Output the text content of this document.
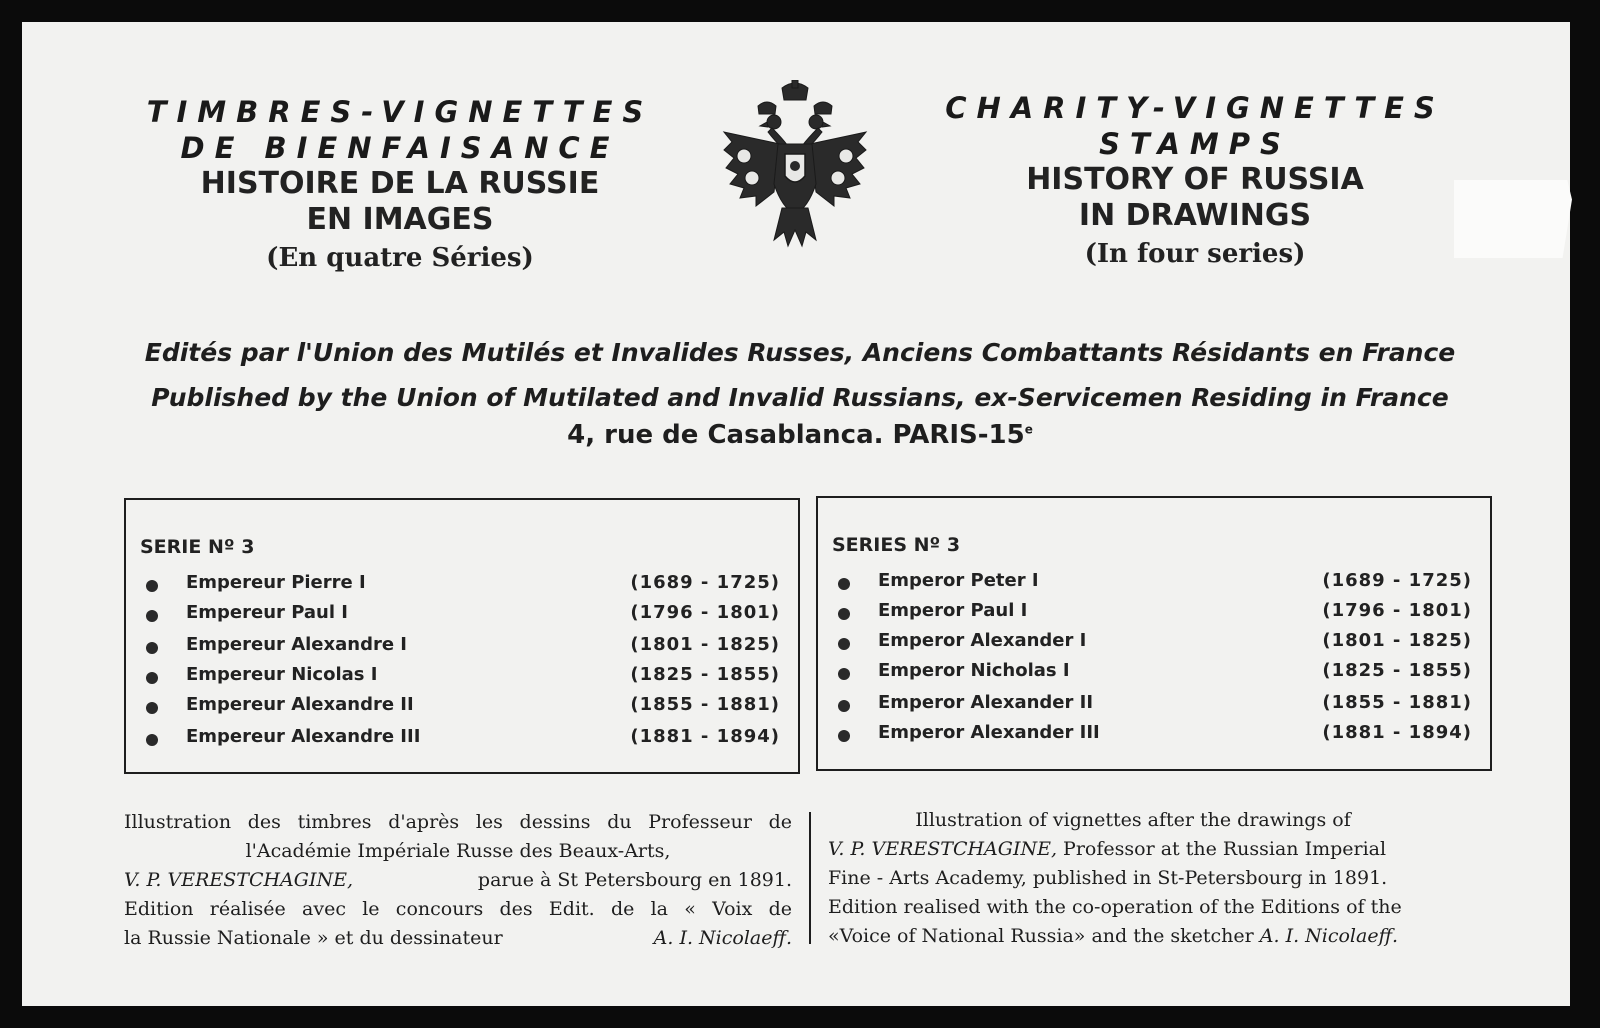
TIMBRES-VIGNETTES
DE BIENFAISANCE
HISTOIRE DE LA RUSSIE
EN IMAGES
(En quatre Séries)
CHARITY-VIGNETTES
STAMPS
HISTORY OF RUSSIA
IN DRAWINGS
(In four series)
Edités par l'Union des Mutilés et Invalides Russes, Anciens Combattants Résidants en France
Published by the Union of Mutilated and Invalid Russians, ex-Servicemen Residing in France
4, rue de Casablanca. PARIS-15e
SERIE Nº 3
Empereur Pierre I	(1689 - 1725)
Empereur Paul I	(1796 - 1801)
Empereur Alexandre I	(1801 - 1825)
Empereur Nicolas I	(1825 - 1855)
Empereur Alexandre II	(1855 - 1881)
Empereur Alexandre III	(1881 - 1894)
SERIES Nº 3
Emperor Peter I	(1689 - 1725)
Emperor Paul I	(1796 - 1801)
Emperor Alexander I	(1801 - 1825)
Emperor Nicholas I	(1825 - 1855)
Emperor Alexander II	(1855 - 1881)
Emperor Alexander III	(1881 - 1894)
Illustration des timbres d'après les dessins du Professeur de
l'Académie Impériale Russe des Beaux-Arts,
V. P. VERESTCHAGINE,	parue à St Petersbourg en 1891.
Edition réalisée avec le concours des Edit. de la « Voix de
la Russie Nationale » et du dessinateur	A. I. Nicolaeff.
Illustration of vignettes after the drawings of
V. P. VERESTCHAGINE, Professor at the Russian Imperial
Fine - Arts Academy, published in St-Petersbourg in 1891.
Edition realised with the co-operation of the Editions of the
«Voice of National Russia» and the sketcher A. I. Nicolaeff.
